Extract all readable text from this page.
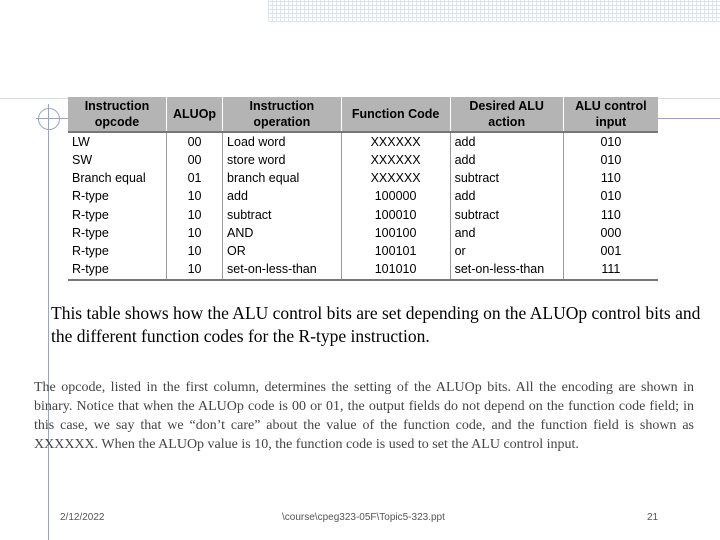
Instruction opcode	ALUOp	Instruction operation	Function Code	Desired ALU action	ALU control input
LW	00	Load word	XXXXXX	add	010
SW	00	store word	XXXXXX	add	010
Branch equal	01	branch equal	XXXXXX	subtract	110
R-type	10	add	100000	add	010
R-type	10	subtract	100010	subtract	110
R-type	10	AND	100100	and	000
R-type	10	OR	100101	or	001
R-type	10	set-on-less-than	101010	set-on-less-than	111
This table shows how the ALU control bits are set depending on the ALUOp control bits and the different function codes for the R-type instruction.
The opcode, listed in the first column, determines the setting of the ALUOp bits. All the encoding are shown in binary. Notice that when the ALUOp code is 00 or 01, the output fields do not depend on the function code field; in this case, we say that we “don’t care” about the value of the function code, and the function field is shown as XXXXXX. When the ALUOp value is 10, the function code is used to set the ALU control input.
2/12/2022	\course\cpeg323-05F\Topic5-323.ppt	21
